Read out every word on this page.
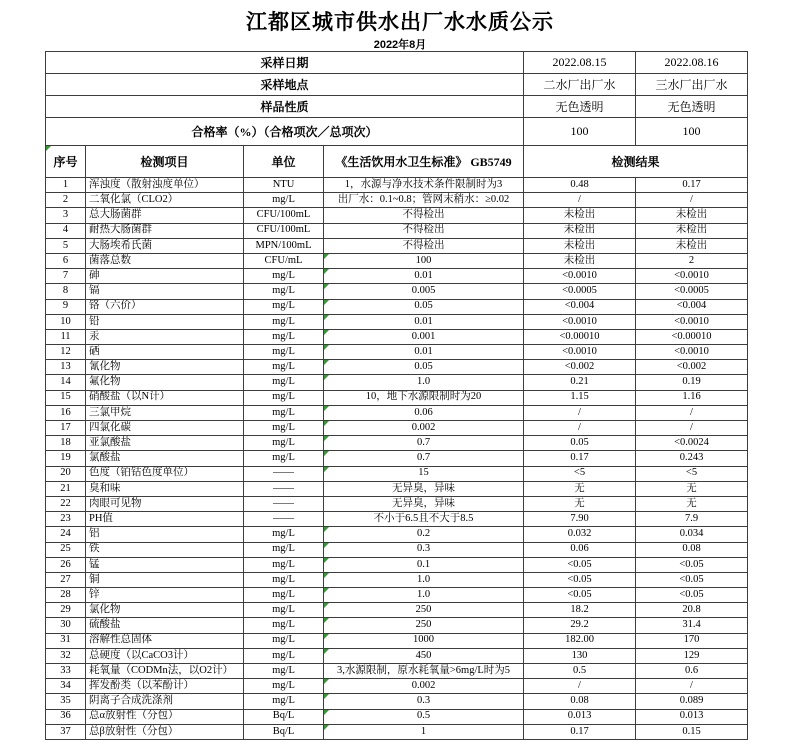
江都区城市供水出厂水水质公示
2022年8月
采样日期				2022.08.15	2022.08.16
采样地点				二水厂出厂水	三水厂出厂水
样品性质				无色透明	无色透明
合格率（%）（合格项次／总项次）				100	100
序号	检测项目	单位	《生活饮用水卫生标准》 GB5749	检测结果	
1	浑浊度（散射浊度单位）	NTU	1，水源与净水技术条件限制时为3	0.48	0.17
2	二氧化氯（CLO2）	mg/L	出厂水：0.1~0.8；管网末稍水：≥0.02	/	/
3	总大肠菌群	CFU/100mL	不得检出	未检出	未检出
4	耐热大肠菌群	CFU/100mL	不得检出	未检出	未检出
5	大肠埃希氏菌	MPN/100mL	不得检出	未检出	未检出
6	菌落总数	CFU/mL	100	未检出	2
7	砷	mg/L	0.01	<0.0010	<0.0010
8	镉	mg/L	0.005	<0.0005	<0.0005
9	铬（六价）	mg/L	0.05	<0.004	<0.004
10	铅	mg/L	0.01	<0.0010	<0.0010
11	汞	mg/L	0.001	<0.00010	<0.00010
12	硒	mg/L	0.01	<0.0010	<0.0010
13	氰化物	mg/L	0.05	<0.002	<0.002
14	氟化物	mg/L	1.0	0.21	0.19
15	硝酸盐（以N计）	mg/L	10，地下水源限制时为20	1.15	1.16
16	三氯甲烷	mg/L	0.06	/	/
17	四氯化碳	mg/L	0.002	/	/
18	亚氯酸盐	mg/L	0.7	0.05	<0.0024
19	氯酸盐	mg/L	0.7	0.17	0.243
20	色度（铂钴色度单位）	——	15	<5	<5
21	臭和味	——	无异臭，异味	无	无
22	肉眼可见物	——	无异臭，异味	无	无
23	PH值	——	不小于6.5且不大于8.5	7.90	7.9
24	铝	mg/L	0.2	0.032	0.034
25	铁	mg/L	0.3	0.06	0.08
26	锰	mg/L	0.1	<0.05	<0.05
27	铜	mg/L	1.0	<0.05	<0.05
28	锌	mg/L	1.0	<0.05	<0.05
29	氯化物	mg/L	250	18.2	20.8
30	硫酸盐	mg/L	250	29.2	31.4
31	溶解性总固体	mg/L	1000	182.00	170
32	总硬度（以CaCO3计）	mg/L	450	130	129
33	耗氧量（CODMn法，以O2计）	mg/L	3,水源限制，原水耗氧量>6mg/L时为5	0.5	0.6
34	挥发酚类（以苯酚计）	mg/L	0.002	/	/
35	阴离子合成洗涤剂	mg/L	0.3	0.08	0.089
36	总α放射性（分包）	Bq/L	0.5	0.013	0.013
37	总β放射性（分包）	Bq/L	1	0.17	0.15
